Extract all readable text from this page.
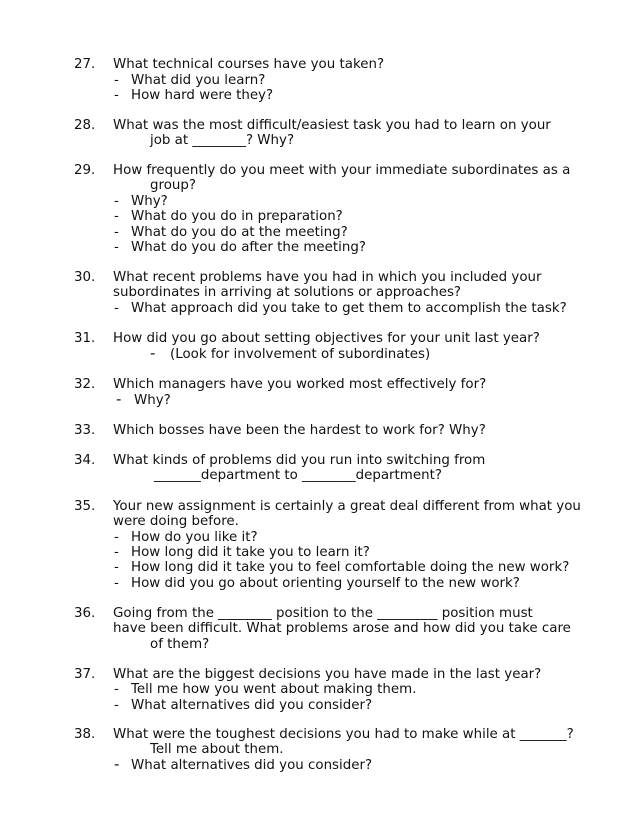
27. What technical courses have you taken?
- What did you learn?
- How hard were they?
28. What was the most difficult/easiest task you had to learn on your
job at ________? Why?
29. How frequently do you meet with your immediate subordinates as a
group?
- Why?
- What do you do in preparation?
- What do you do at the meeting?
- What do you do after the meeting?
30. What recent problems have you had in which you included your
subordinates in arriving at solutions or approaches?
- What approach did you take to get them to accomplish the task?
31. How did you go about setting objectives for your unit last year?
- (Look for involvement of subordinates)
32. Which managers have you worked most effectively for?
- Why?
33. Which bosses have been the hardest to work for? Why?
34. What kinds of problems did you run into switching from
_______department to ________department?
35. Your new assignment is certainly a great deal different from what you
were doing before.
- How do you like it?
- How long did it take you to learn it?
- How long did it take you to feel comfortable doing the new work?
- How did you go about orienting yourself to the new work?
36. Going from the ________ position to the _________ position must
have been difficult. What problems arose and how did you take care
of them?
37. What are the biggest decisions you have made in the last year?
- Tell me how you went about making them.
- What alternatives did you consider?
38. What were the toughest decisions you had to make while at _______?
Tell me about them.
- What alternatives did you consider?
